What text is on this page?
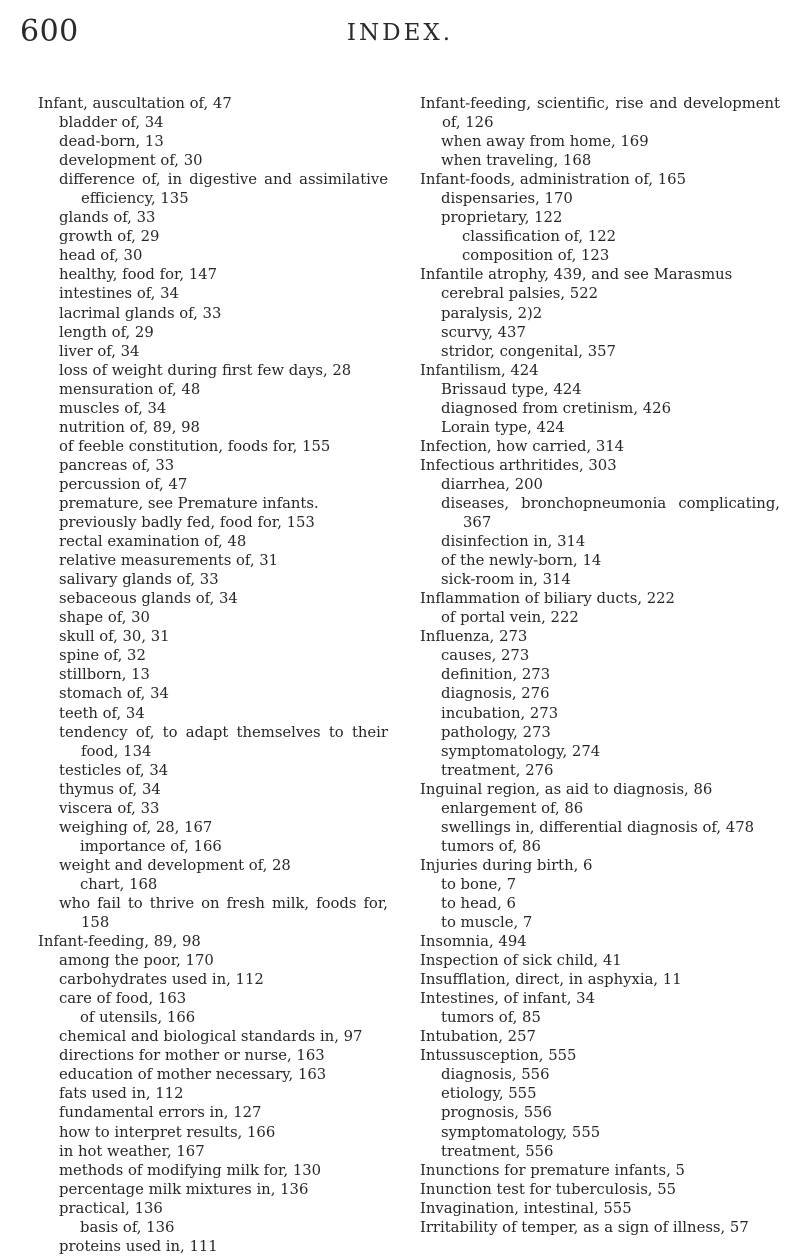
600	INDEX.
Infant, auscultation of, 47
bladder of, 34
dead-born, 13
development of, 30
difference of, in digestive and assimilative efficiency, 135
glands of, 33
growth of, 29
head of, 30
healthy, food for, 147
intestines of, 34
lacrimal glands of, 33
length of, 29
liver of, 34
loss of weight during first few days, 28
mensuration of, 48
muscles of, 34
nutrition of, 89, 98
of feeble constitution, foods for, 155
pancreas of, 33
percussion of, 47
premature, see Premature infants.
previously badly fed, food for, 153
rectal examination of, 48
relative measurements of, 31
salivary glands of, 33
sebaceous glands of, 34
shape of, 30
skull of, 30, 31
spine of, 32
stillborn, 13
stomach of, 34
teeth of, 34
tendency of, to adapt themselves to their food, 134
testicles of, 34
thymus of, 34
viscera of, 33
weighing of, 28, 167
importance of, 166
weight and development of, 28
chart, 168
who fail to thrive on fresh milk, foods for, 158
Infant-feeding, 89, 98
among the poor, 170
carbohydrates used in, 112
care of food, 163
of utensils, 166
chemical and biological standards in, 97
directions for mother or nurse, 163
education of mother necessary, 163
fats used in, 112
fundamental errors in, 127
how to interpret results, 166
in hot weather, 167
methods of modifying milk for, 130
percentage milk mixtures in, 136
practical, 136
basis of, 136
proteins used in, 111
Infant-feeding, scientific, rise and development of, 126
when away from home, 169
when traveling, 168
Infant-foods, administration of, 165
dispensaries, 170
proprietary, 122
classification of, 122
composition of, 123
Infantile atrophy, 439, and see Marasmus
cerebral palsies, 522
paralysis, 2)2
scurvy, 437
stridor, congenital, 357
Infantilism, 424
Brissaud type, 424
diagnosed from cretinism, 426
Lorain type, 424
Infection, how carried, 314
Infectious arthritides, 303
diarrhea, 200
diseases, bronchopneumonia complicating, 367
disinfection in, 314
of the newly-born, 14
sick-room in, 314
Inflammation of biliary ducts, 222
of portal vein, 222
Influenza, 273
causes, 273
definition, 273
diagnosis, 276
incubation, 273
pathology, 273
symptomatology, 274
treatment, 276
Inguinal region, as aid to diagnosis, 86
enlargement of, 86
swellings in, differential diagnosis of, 478
tumors of, 86
Injuries during birth, 6
to bone, 7
to head, 6
to muscle, 7
Insomnia, 494
Inspection of sick child, 41
Insufflation, direct, in asphyxia, 11
Intestines, of infant, 34
tumors of, 85
Intubation, 257
Intussusception, 555
diagnosis, 556
etiology, 555
prognosis, 556
symptomatology, 555
treatment, 556
Inunctions for premature infants, 5
Inunction test for tuberculosis, 55
Invagination, intestinal, 555
Irritability of temper, as a sign of illness, 57
